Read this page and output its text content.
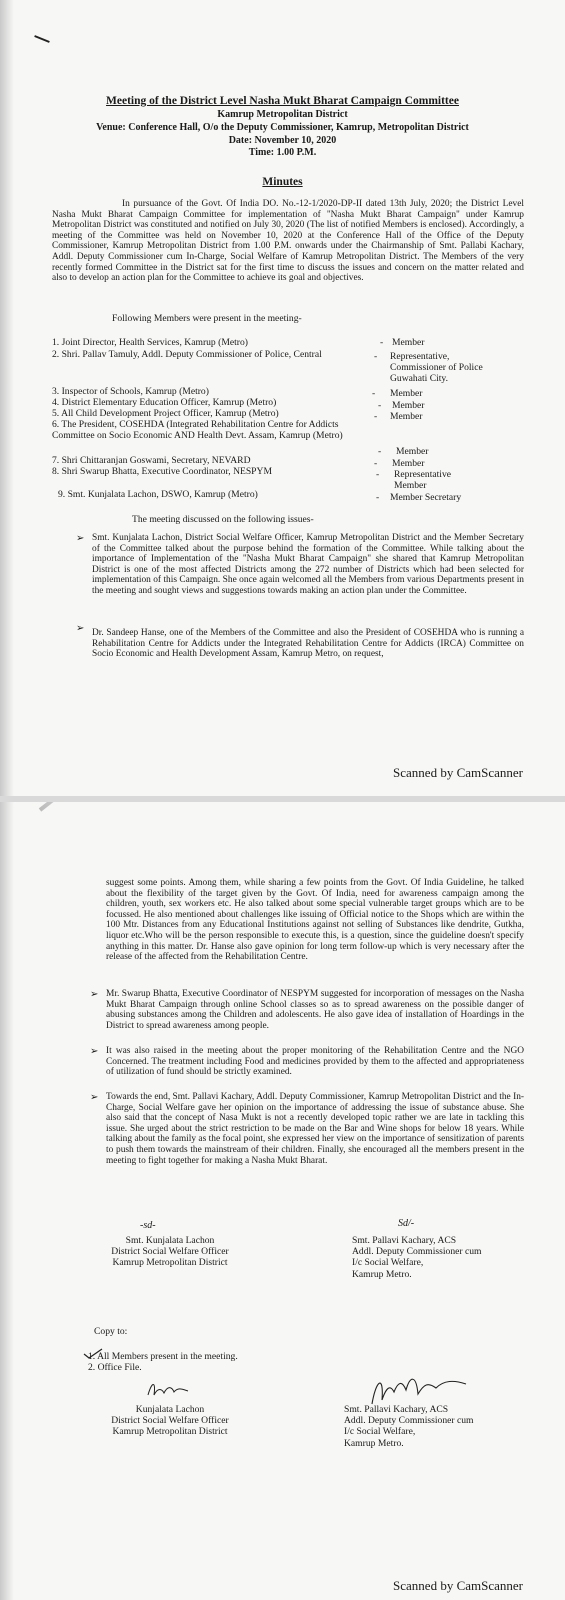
Meeting of the District Level Nasha Mukt Bharat Campaign Committee
Kamrup Metropolitan District
Venue: Conference Hall, O/o the Deputy Commissioner, Kamrup, Metropolitan District
Date: November 10, 2020
Time: 1.00 P.M.
Minutes
In pursuance of the Govt. Of India DO. No.-12-1/2020-DP-II dated 13th July, 2020; the District Level Nasha Mukt Bharat Campaign Committee for implementation of "Nasha Mukt Bharat Campaign" under Kamrup Metropolitan District was constituted and notified on July 30, 2020 (The list of notified Members is enclosed). Accordingly, a meeting of the Committee was held on November 10, 2020 at the Conference Hall of the Office of the Deputy Commissioner, Kamrup Metropolitan District from 1.00 P.M. onwards under the Chairmanship of Smt. Pallabi Kachary, Addl. Deputy Commissioner cum In-Charge, Social Welfare of Kamrup Metropolitan District. The Members of the very recently formed Committee in the District sat for the first time to discuss the issues and concern on the matter related and also to develop an action plan for the Committee to achieve its goal and objectives.
Following Members were present in the meeting-
1. Joint Director, Health Services, Kamrup (Metro)	- Member
2. Shri. Pallav Tamuly, Addl. Deputy Commissioner of Police, Central	- Representative, Commissioner of Police Guwahati City.
3. Inspector of Schools, Kamrup (Metro)	- Member
4. District Elementary Education Officer, Kamrup (Metro)	- Member
5. All Child Development Project Officer, Kamrup (Metro)	- Member
6. The President, COSEHDA (Integrated Rehabilitation Centre for Addicts Committee on Socio Economic AND Health Devt. Assam, Kamrup (Metro)
- Member
7. Shri Chittaranjan Goswami, Secretary, NEVARD	- Member
8. Shri Swarup Bhatta, Executive Coordinator, NESPYM	- Representative Member
9. Smt. Kunjalata Lachon, DSWO, Kamrup (Metro)	- Member Secretary
The meeting discussed on the following issues-
➢ Smt. Kunjalata Lachon, District Social Welfare Officer, Kamrup Metropolitan District and the Member Secretary of the Committee talked about the purpose behind the formation of the Committee. While talking about the importance of Implementation of the "Nasha Mukt Bharat Campaign" she shared that Kamrup Metropolitan District is one of the most affected Districts among the 272 number of Districts which had been selected for implementation of this Campaign. She once again welcomed all the Members from various Departments present in the meeting and sought views and suggestions towards making an action plan under the Committee.
➢ Dr. Sandeep Hanse, one of the Members of the Committee and also the President of COSEHDA who is running a Rehabilitation Centre for Addicts under the Integrated Rehabilitation Centre for Addicts (IRCA) Committee on Socio Economic and Health Development Assam, Kamrup Metro, on request,
Scanned by CamScanner
suggest some points. Among them, while sharing a few points from the Govt. Of India Guideline, he talked about the flexibility of the target given by the Govt. Of India, need for awareness campaign among the children, youth, sex workers etc. He also talked about some special vulnerable target groups which are to be focussed. He also mentioned about challenges like issuing of Official notice to the Shops which are within the 100 Mtr. Distances from any Educational Institutions against not selling of Substances like dendrite, Gutkha, liquor etc.Who will be the person responsible to execute this, is a question, since the guideline doesn't specify anything in this matter. Dr. Hanse also gave opinion for long term follow-up which is very necessary after the release of the affected from the Rehabilitation Centre.
➢ Mr. Swarup Bhatta, Executive Coordinator of NESPYM suggested for incorporation of messages on the Nasha Mukt Bharat Campaign through online School classes so as to spread awareness on the possible danger of abusing substances among the Children and adolescents. He also gave idea of installation of Hoardings in the District to spread awareness among people.
➢ It was also raised in the meeting about the proper monitoring of the Rehabilitation Centre and the NGO Concerned. The treatment including Food and medicines provided by them to the affected and appropriateness of utilization of fund should be strictly examined.
➢ Towards the end, Smt. Pallavi Kachary, Addl. Deputy Commissioner, Kamrup Metropolitan District and the In-Charge, Social Welfare gave her opinion on the importance of addressing the issue of substance abuse. She also said that the concept of Nasa Mukt is not a recently developed topic rather we are late in tackling this issue. She urged about the strict restriction to be made on the Bar and Wine shops for below 18 years. While talking about the family as the focal point, she expressed her view on the importance of sensitization of parents to push them towards the mainstream of their children. Finally, she encouraged all the members present in the meeting to fight together for making a Nasha Mukt Bharat.
-sd-	Sd/-
Smt. Kunjalata Lachon
District Social Welfare Officer
Kamrup Metropolitan District
Smt. Pallavi Kachary, ACS
Addl. Deputy Commissioner cum
I/c Social Welfare,
Kamrup Metro.
Copy to:
1. All Members present in the meeting.
2. Office File.
Kunjalata Lachon
District Social Welfare Officer
Kamrup Metropolitan District
Smt. Pallavi Kachary, ACS
Addl. Deputy Commissioner cum
I/c Social Welfare,
Kamrup Metro.
Scanned by CamScanner
